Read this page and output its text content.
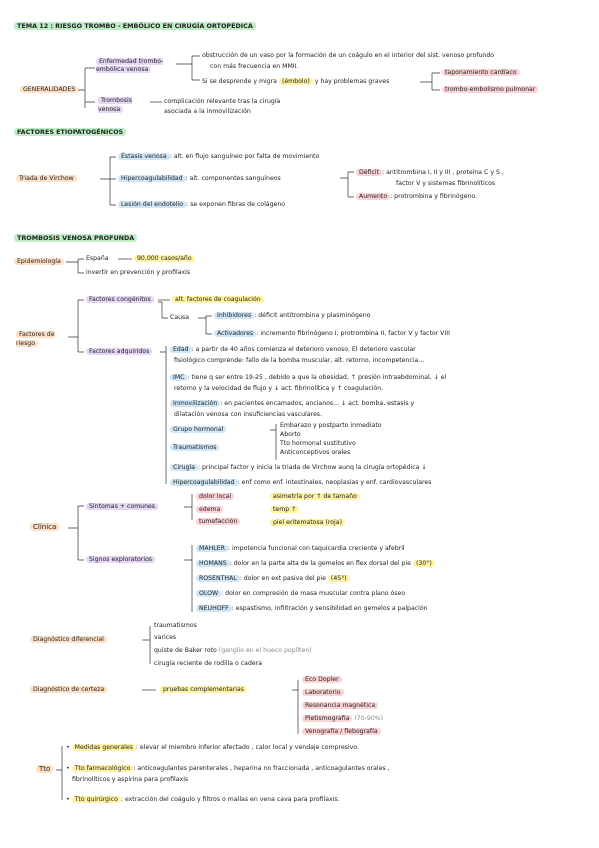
TEMA 12 : RIESGO TROMBO - EMBÓLICO EN CIRUGÍA ORTOPÉDICA
GENERALIDADES
Enfermedad trombo-embólica venosa
obstrucción de un vaso por la formación de un coágulo en el interior del sist. venoso profundo
con más frecuencia en MMII.
Si se desprende y migra (émbolo) y hay problemas graves
taponamiento cardíaco
trombo-embolismo pulmonar
Trombosis venosa
complicación relevante tras la cirugía
asociada a la inmovilización
FACTORES ETIOPATOGÉNICOS
Triada de Virchow
Éstasis venosa : alt. en flujo sanguíneo por falta de movimiento
Hipercoagulabilidad : alt. componentes sanguíneos
Déficit : antitrombina I, II y III , proteína C y S ,
factor V y sistemas fibrinolíticos
Aumento : protrombina y fibrinógeno.
Lesión del endotelio : se exponen fibras de colágeno
TROMBOSIS VENOSA PROFUNDA
Epidemiología	España	90.000 casos/año
invertir en prevención y profilaxis
Factores de riesgo
Factores congénitos	alt. factores de coagulación
Causa	Inhibidores : déficit antitrombina y plasminógeno
Activadores : incremento fibrinógeno I, protrombina II, factor V y factor VIII
Factores adquiridos	Edad : a partir de 40 años comienza el deterioro venoso. El deterioro vascular
fisiológico comprende: fallo de la bomba muscular, alt. retorno, incompetencia...
IMC : tiene q ser entre 19-25 , debido a que la obesidad, ↑ presión intraabdominal, ↓ el
retorno y la velocidad de flujo y ↓ act. fibrinolítica y ↑ coagulación.
Inmovilización : en pacientes encamados, ancianos... ↓ act. bomba, estasis y
dilatación venosa con insuficiencias vasculares.
Grupo hormonal
Embarazo y postparto inmediato
Aborto
Tto hormonal sustitutivo
Anticonceptivos orales
Traumatismos
Cirugía : principal factor y inicia la triada de Virchow aunq la cirugía ortopédica ↓
Hipercoagulabilidad : enf como enf. intestinales, neoplasias y enf. cardiovasculares
Clínica
Síntomas + comunes
dolor local	asimetría por ↑ de tamaño
edema	temp ↑
tumefacción	piel eritematosa (roja)
Signos exploratorios
MAHLER : impotencia funcional con taquicardia creciente y afebril
HOMANS : dolor en la parte alta de la gemelos en flex dorsal del pie (30°)
ROSENTHAL : dolor en ext pasiva del pie (45°)
OLOW : dolor en compresión de masa muscular contra plano óseo
NEUHOFF : espastismo, infiltración y sensibilidad en gemelos a palpación
Diagnóstico diferencial
traumatismos
varices
quiste de Baker roto (ganglio en el hueco poplíteo)
cirugía reciente de rodilla o cadera
Diagnóstico de certeza	pruebas complementarias
Eco Dopler
Laboratorio
Resonancia magnética
Pletismografía (70-90%)
Venografía / flebografía
Tto
• Medidas generales : elevar el miembro inferior afectado , calor local y vendaje compresivo.
• Tto farmacológico : anticoagulantes parenterales , heparina no fraccionada , anticoagulantes orales ,
fibrinolíticos y aspirina para profilaxis
• Tto quirúrgico : extracción del coágulo y filtros o mallas en vena cava para profilaxis.
